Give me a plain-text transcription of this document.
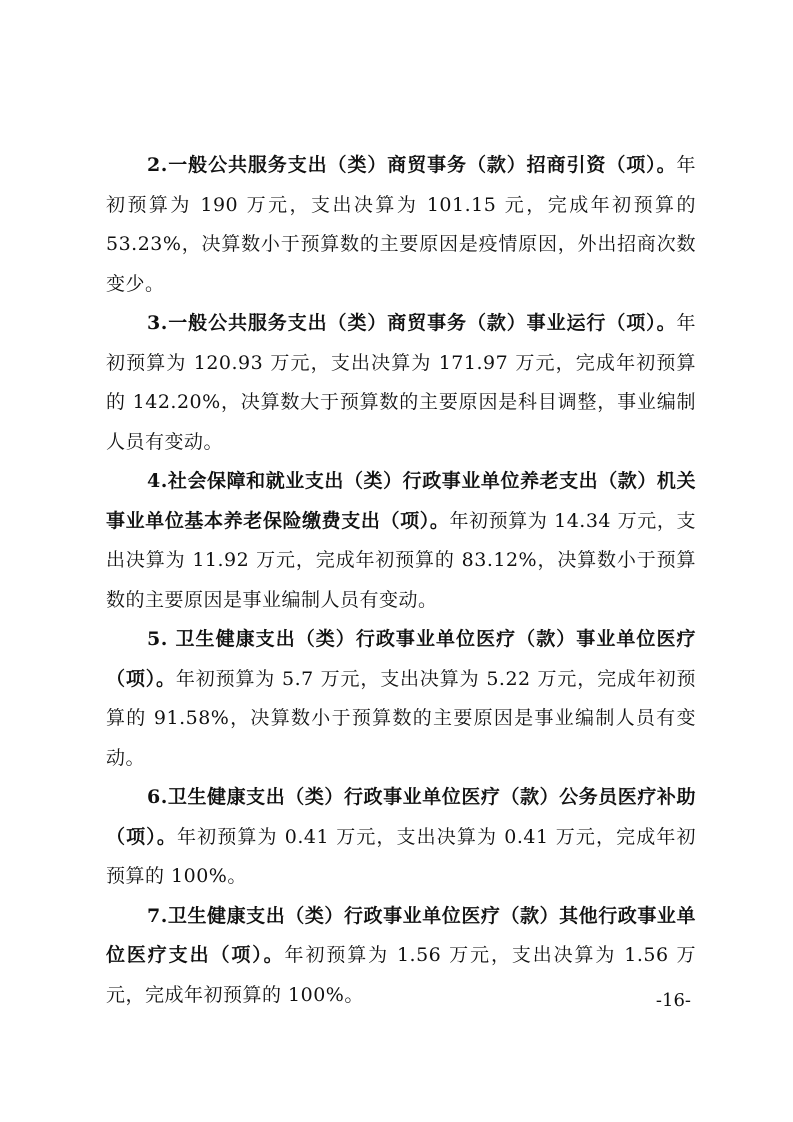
2.一般公共服务支出（类）商贸事务（款）招商引资（项）。年初预算为 190 万元，支出决算为 101.15 元，完成年初预算的 53.23%，决算数小于预算数的主要原因是疫情原因，外出招商次数变少。

3.一般公共服务支出（类）商贸事务（款）事业运行（项）。年初预算为 120.93 万元，支出决算为 171.97 万元，完成年初预算的 142.20%，决算数大于预算数的主要原因是科目调整，事业编制人员有变动。

4.社会保障和就业支出（类）行政事业单位养老支出（款）机关事业单位基本养老保险缴费支出（项）。年初预算为 14.34 万元，支出决算为 11.92 万元，完成年初预算的 83.12%，决算数小于预算数的主要原因是事业编制人员有变动。

5. 卫生健康支出（类）行政事业单位医疗（款）事业单位医疗（项）。年初预算为 5.7 万元，支出决算为 5.22 万元，完成年初预算的 91.58%，决算数小于预算数的主要原因是事业编制人员有变动。

6.卫生健康支出（类）行政事业单位医疗（款）公务员医疗补助（项）。年初预算为 0.41 万元，支出决算为 0.41 万元，完成年初预算的 100%。

7.卫生健康支出（类）行政事业单位医疗（款）其他行政事业单位医疗支出（项）。年初预算为 1.56 万元，支出决算为 1.56 万元，完成年初预算的 100%。	-16-
